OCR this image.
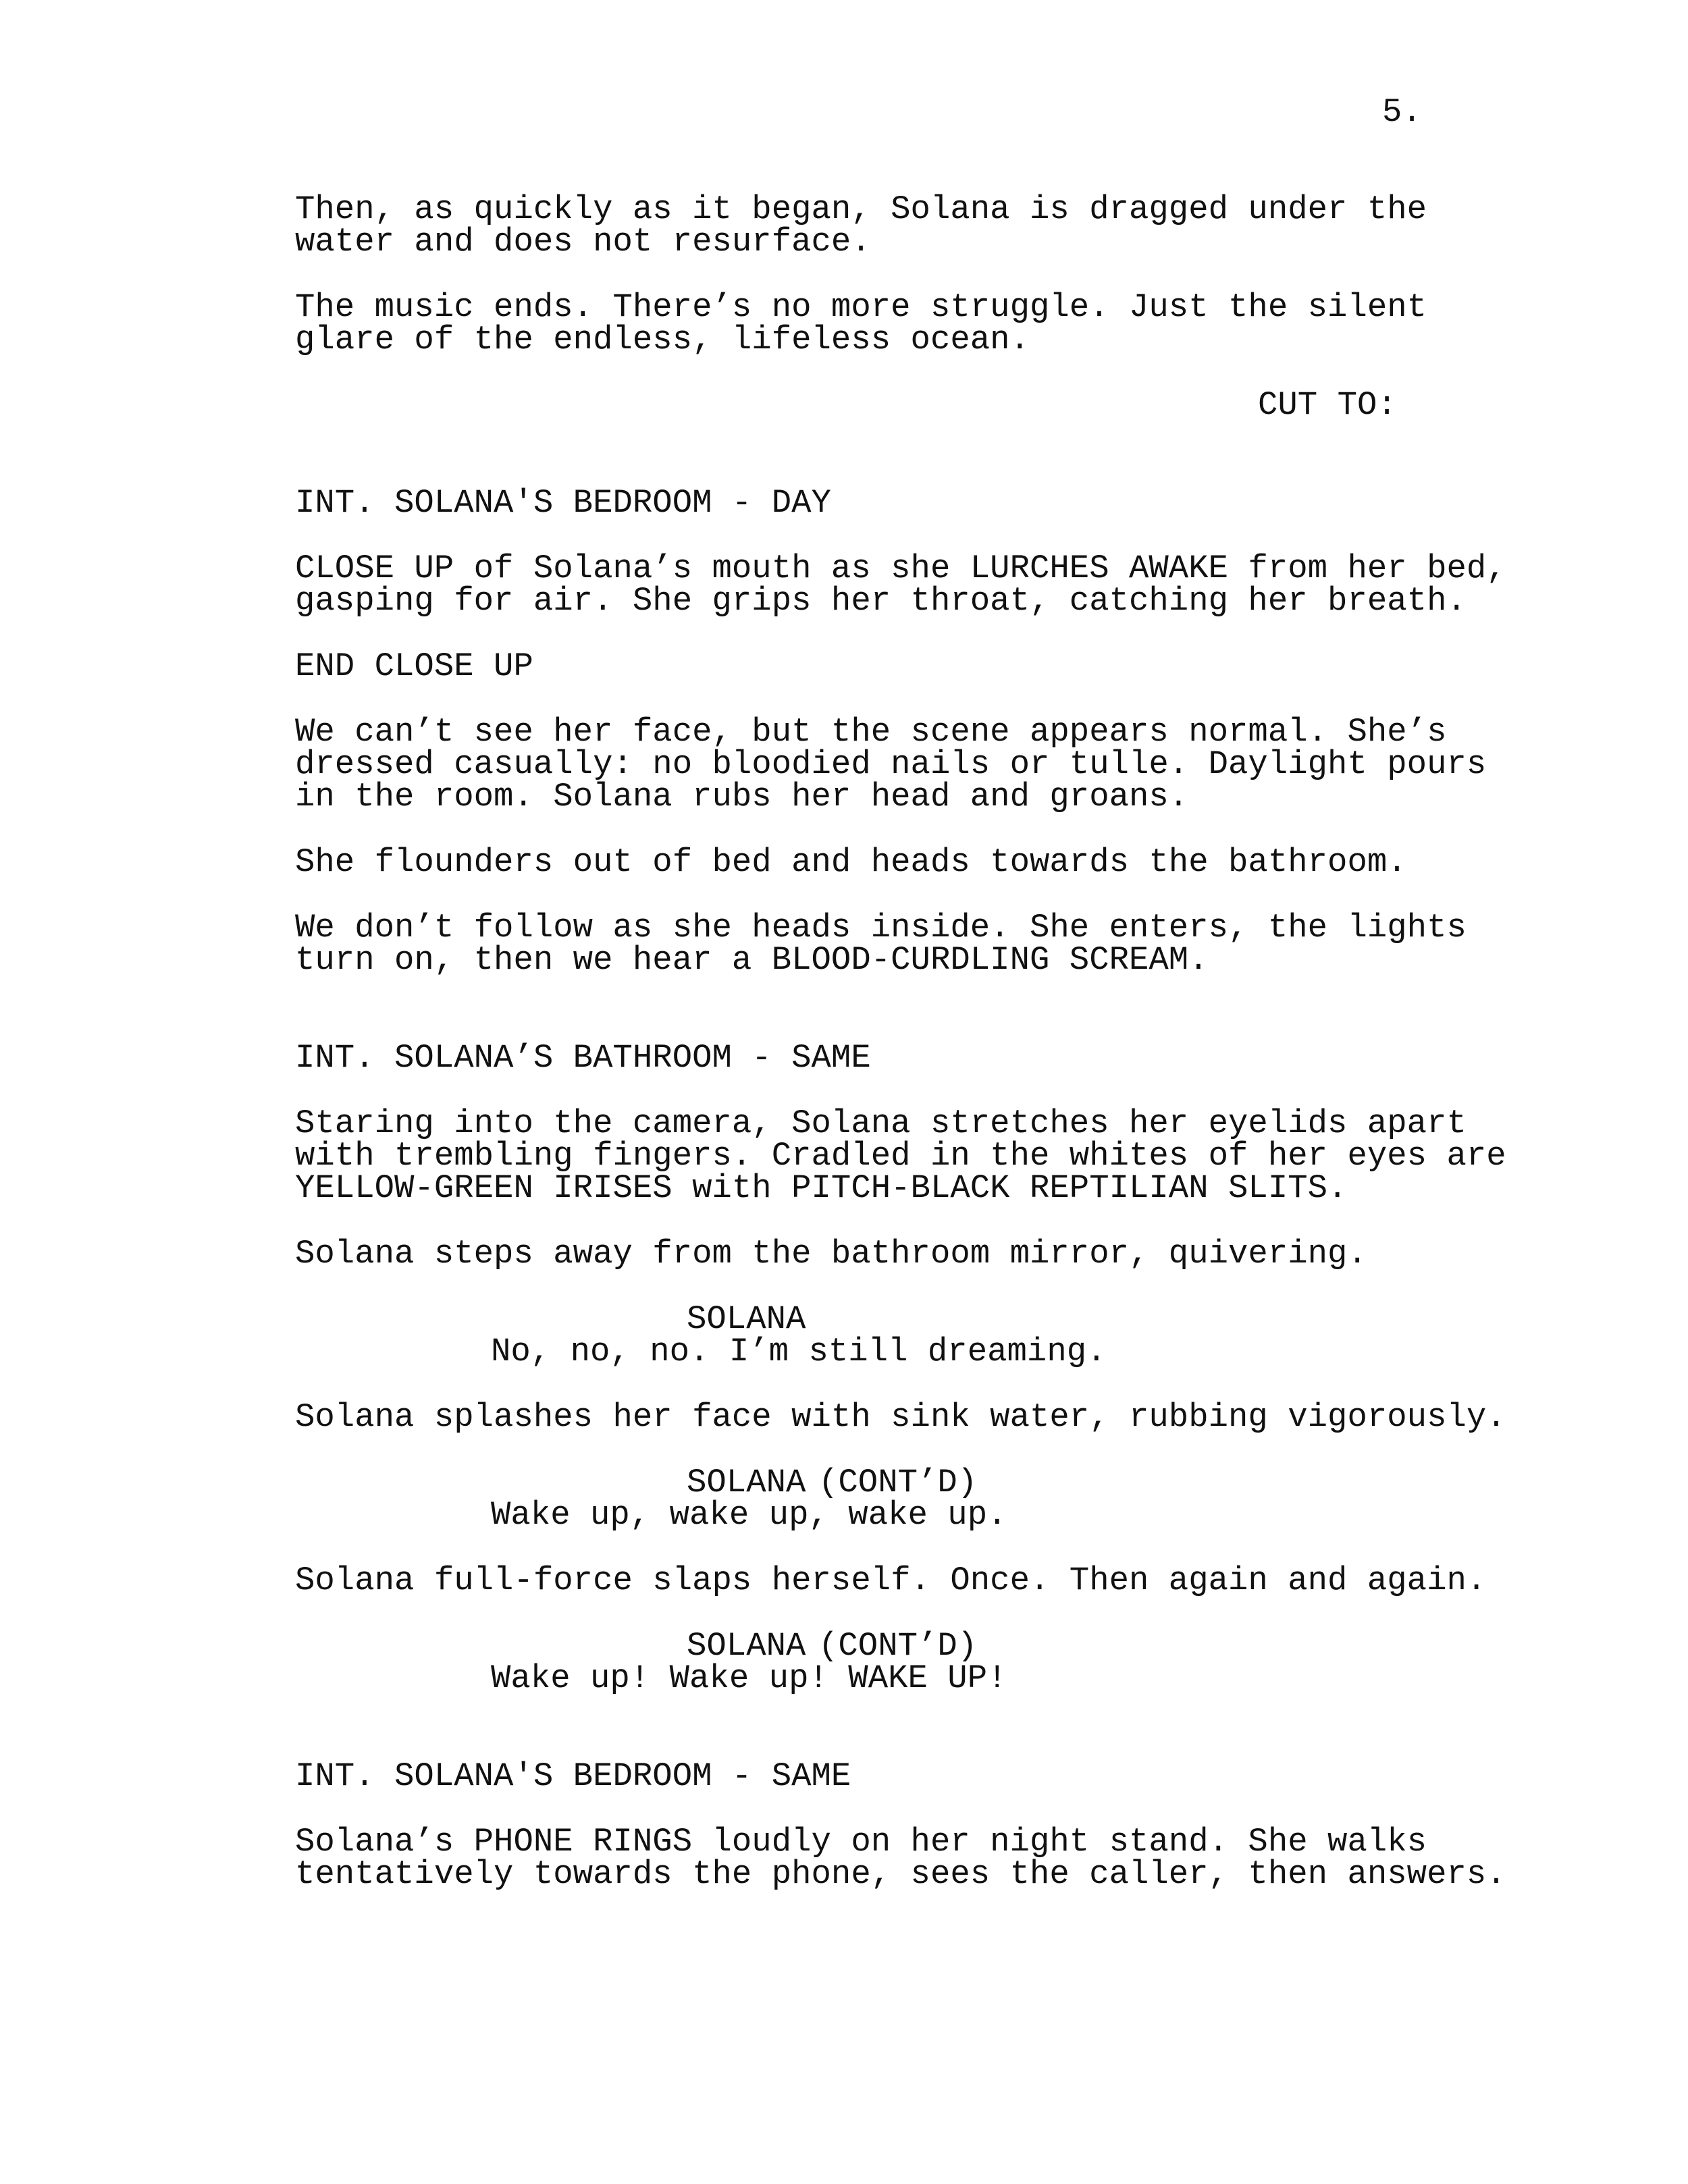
5.
Then, as quickly as it began, Solana is dragged under the
water and does not resurface.
The music ends. There’s no more struggle. Just the silent
glare of the endless, lifeless ocean.
CUT TO:
INT. SOLANA'S BEDROOM - DAY
CLOSE UP of Solana’s mouth as she LURCHES AWAKE from her bed,
gasping for air. She grips her throat, catching her breath.
END CLOSE UP
We can’t see her face, but the scene appears normal. She’s
dressed casually: no bloodied nails or tulle. Daylight pours
in the room. Solana rubs her head and groans.
She flounders out of bed and heads towards the bathroom.
We don’t follow as she heads inside. She enters, the lights
turn on, then we hear a BLOOD-CURDLING SCREAM.
INT. SOLANA’S BATHROOM - SAME
Staring into the camera, Solana stretches her eyelids apart
with trembling fingers. Cradled in the whites of her eyes are
YELLOW-GREEN IRISES with PITCH-BLACK REPTILIAN SLITS.
Solana steps away from the bathroom mirror, quivering.
SOLANA
No, no, no. I’m still dreaming.
Solana splashes her face with sink water, rubbing vigorously.
SOLANA (CONT’D)
Wake up, wake up, wake up.
Solana full-force slaps herself. Once. Then again and again.
SOLANA (CONT’D)
Wake up! Wake up! WAKE UP!
INT. SOLANA'S BEDROOM - SAME
Solana’s PHONE RINGS loudly on her night stand. She walks
tentatively towards the phone, sees the caller, then answers.
